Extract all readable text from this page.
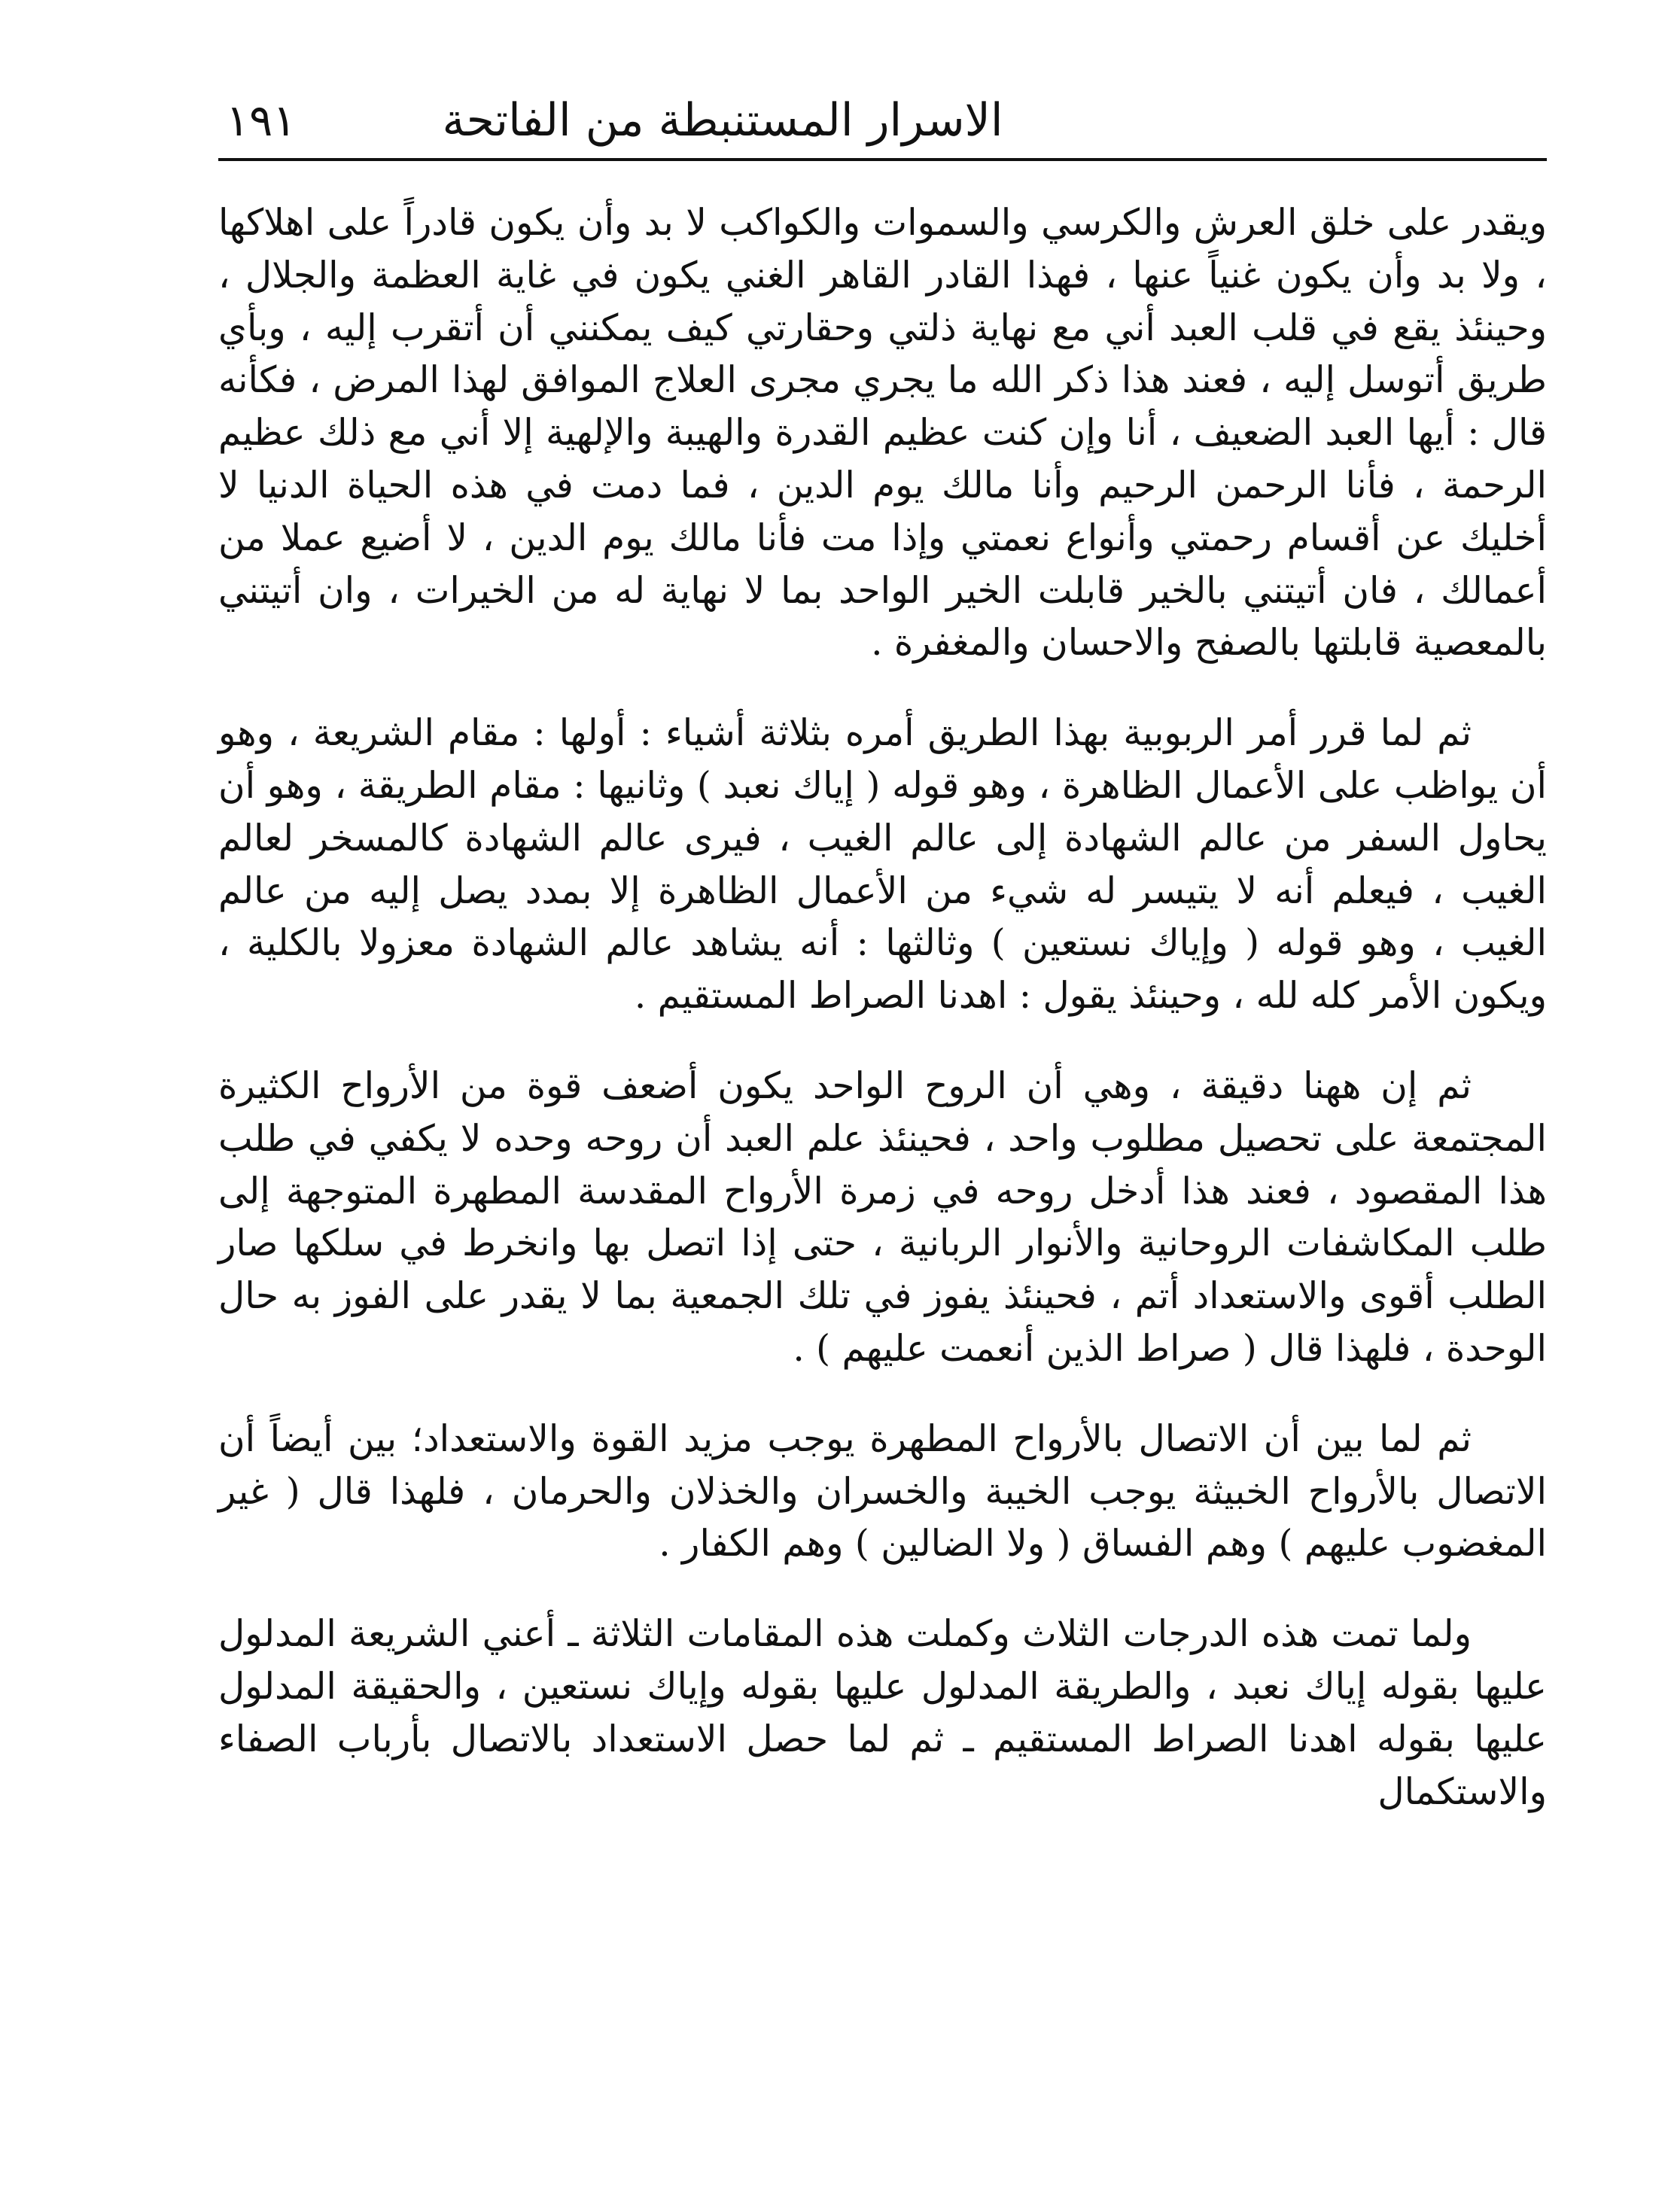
الاسرار المستنبطة من الفاتحة
١٩١

ويقدر على خلق العرش والكرسي والسموات والكواكب لا بد وأن يكون قادراً على اهلاكها ، ولا بد وأن يكون غنياً عنها ، فهذا القادر القاهر الغني يكون في غاية العظمة والجلال ، وحينئذ يقع في قلب العبد أني مع نهاية ذلتي وحقارتي كيف يمكنني أن أتقرب إليه ، وبأي طريق أتوسل إليه ، فعند هذا ذكر الله ما يجري مجرى العلاج الموافق لهذا المرض ، فكأنه قال : أيها العبد الضعيف ، أنا وإن كنت عظيم القدرة والهيبة والإلهية إلا أني مع ذلك عظيم الرحمة ، فأنا الرحمن الرحيم وأنا مالك يوم الدين ، فما دمت في هذه الحياة الدنيا لا أخليك عن أقسام رحمتي وأنواع نعمتي وإذا مت فأنا مالك يوم الدين ، لا أضيع عملا من أعمالك ، فان أتيتني بالخير قابلت الخير الواحد بما لا نهاية له من الخيرات ، وان أتيتني بالمعصية قابلتها بالصفح والاحسان والمغفرة .

ثم لما قرر أمر الربوبية بهذا الطريق أمره بثلاثة أشياء : أولها : مقام الشريعة ، وهو أن يواظب على الأعمال الظاهرة ، وهو قوله ( إياك نعبد ) وثانيها : مقام الطريقة ، وهو أن يحاول السفر من عالم الشهادة إلى عالم الغيب ، فيرى عالم الشهادة كالمسخر لعالم الغيب ، فيعلم أنه لا يتيسر له شيء من الأعمال الظاهرة إلا بمدد يصل إليه من عالم الغيب ، وهو قوله ( وإياك نستعين ) وثالثها : أنه يشاهد عالم الشهادة معزولا بالكلية ، ويكون الأمر كله لله ، وحينئذ يقول : اهدنا الصراط المستقيم .

ثم إن ههنا دقيقة ، وهي أن الروح الواحد يكون أضعف قوة من الأرواح الكثيرة المجتمعة على تحصيل مطلوب واحد ، فحينئذ علم العبد أن روحه وحده لا يكفي في طلب هذا المقصود ، فعند هذا أدخل روحه في زمرة الأرواح المقدسة المطهرة المتوجهة إلى طلب المكاشفات الروحانية والأنوار الربانية ، حتى إذا اتصل بها وانخرط في سلكها صار الطلب أقوى والاستعداد أتم ، فحينئذ يفوز في تلك الجمعية بما لا يقدر على الفوز به حال الوحدة ، فلهذا قال ( صراط الذين أنعمت عليهم ) .

ثم لما بين أن الاتصال بالأرواح المطهرة يوجب مزيد القوة والاستعداد؛ بين أيضاً أن الاتصال بالأرواح الخبيثة يوجب الخيبة والخسران والخذلان والحرمان ، فلهذا قال ( غير المغضوب عليهم ) وهم الفساق ( ولا الضالين ) وهم الكفار .

ولما تمت هذه الدرجات الثلاث وكملت هذه المقامات الثلاثة ـ أعني الشريعة المدلول عليها بقوله إياك نعبد ، والطريقة المدلول عليها بقوله وإياك نستعين ، والحقيقة المدلول عليها بقوله اهدنا الصراط المستقيم ـ ثم لما حصل الاستعداد بالاتصال بأرباب الصفاء والاستكمال
